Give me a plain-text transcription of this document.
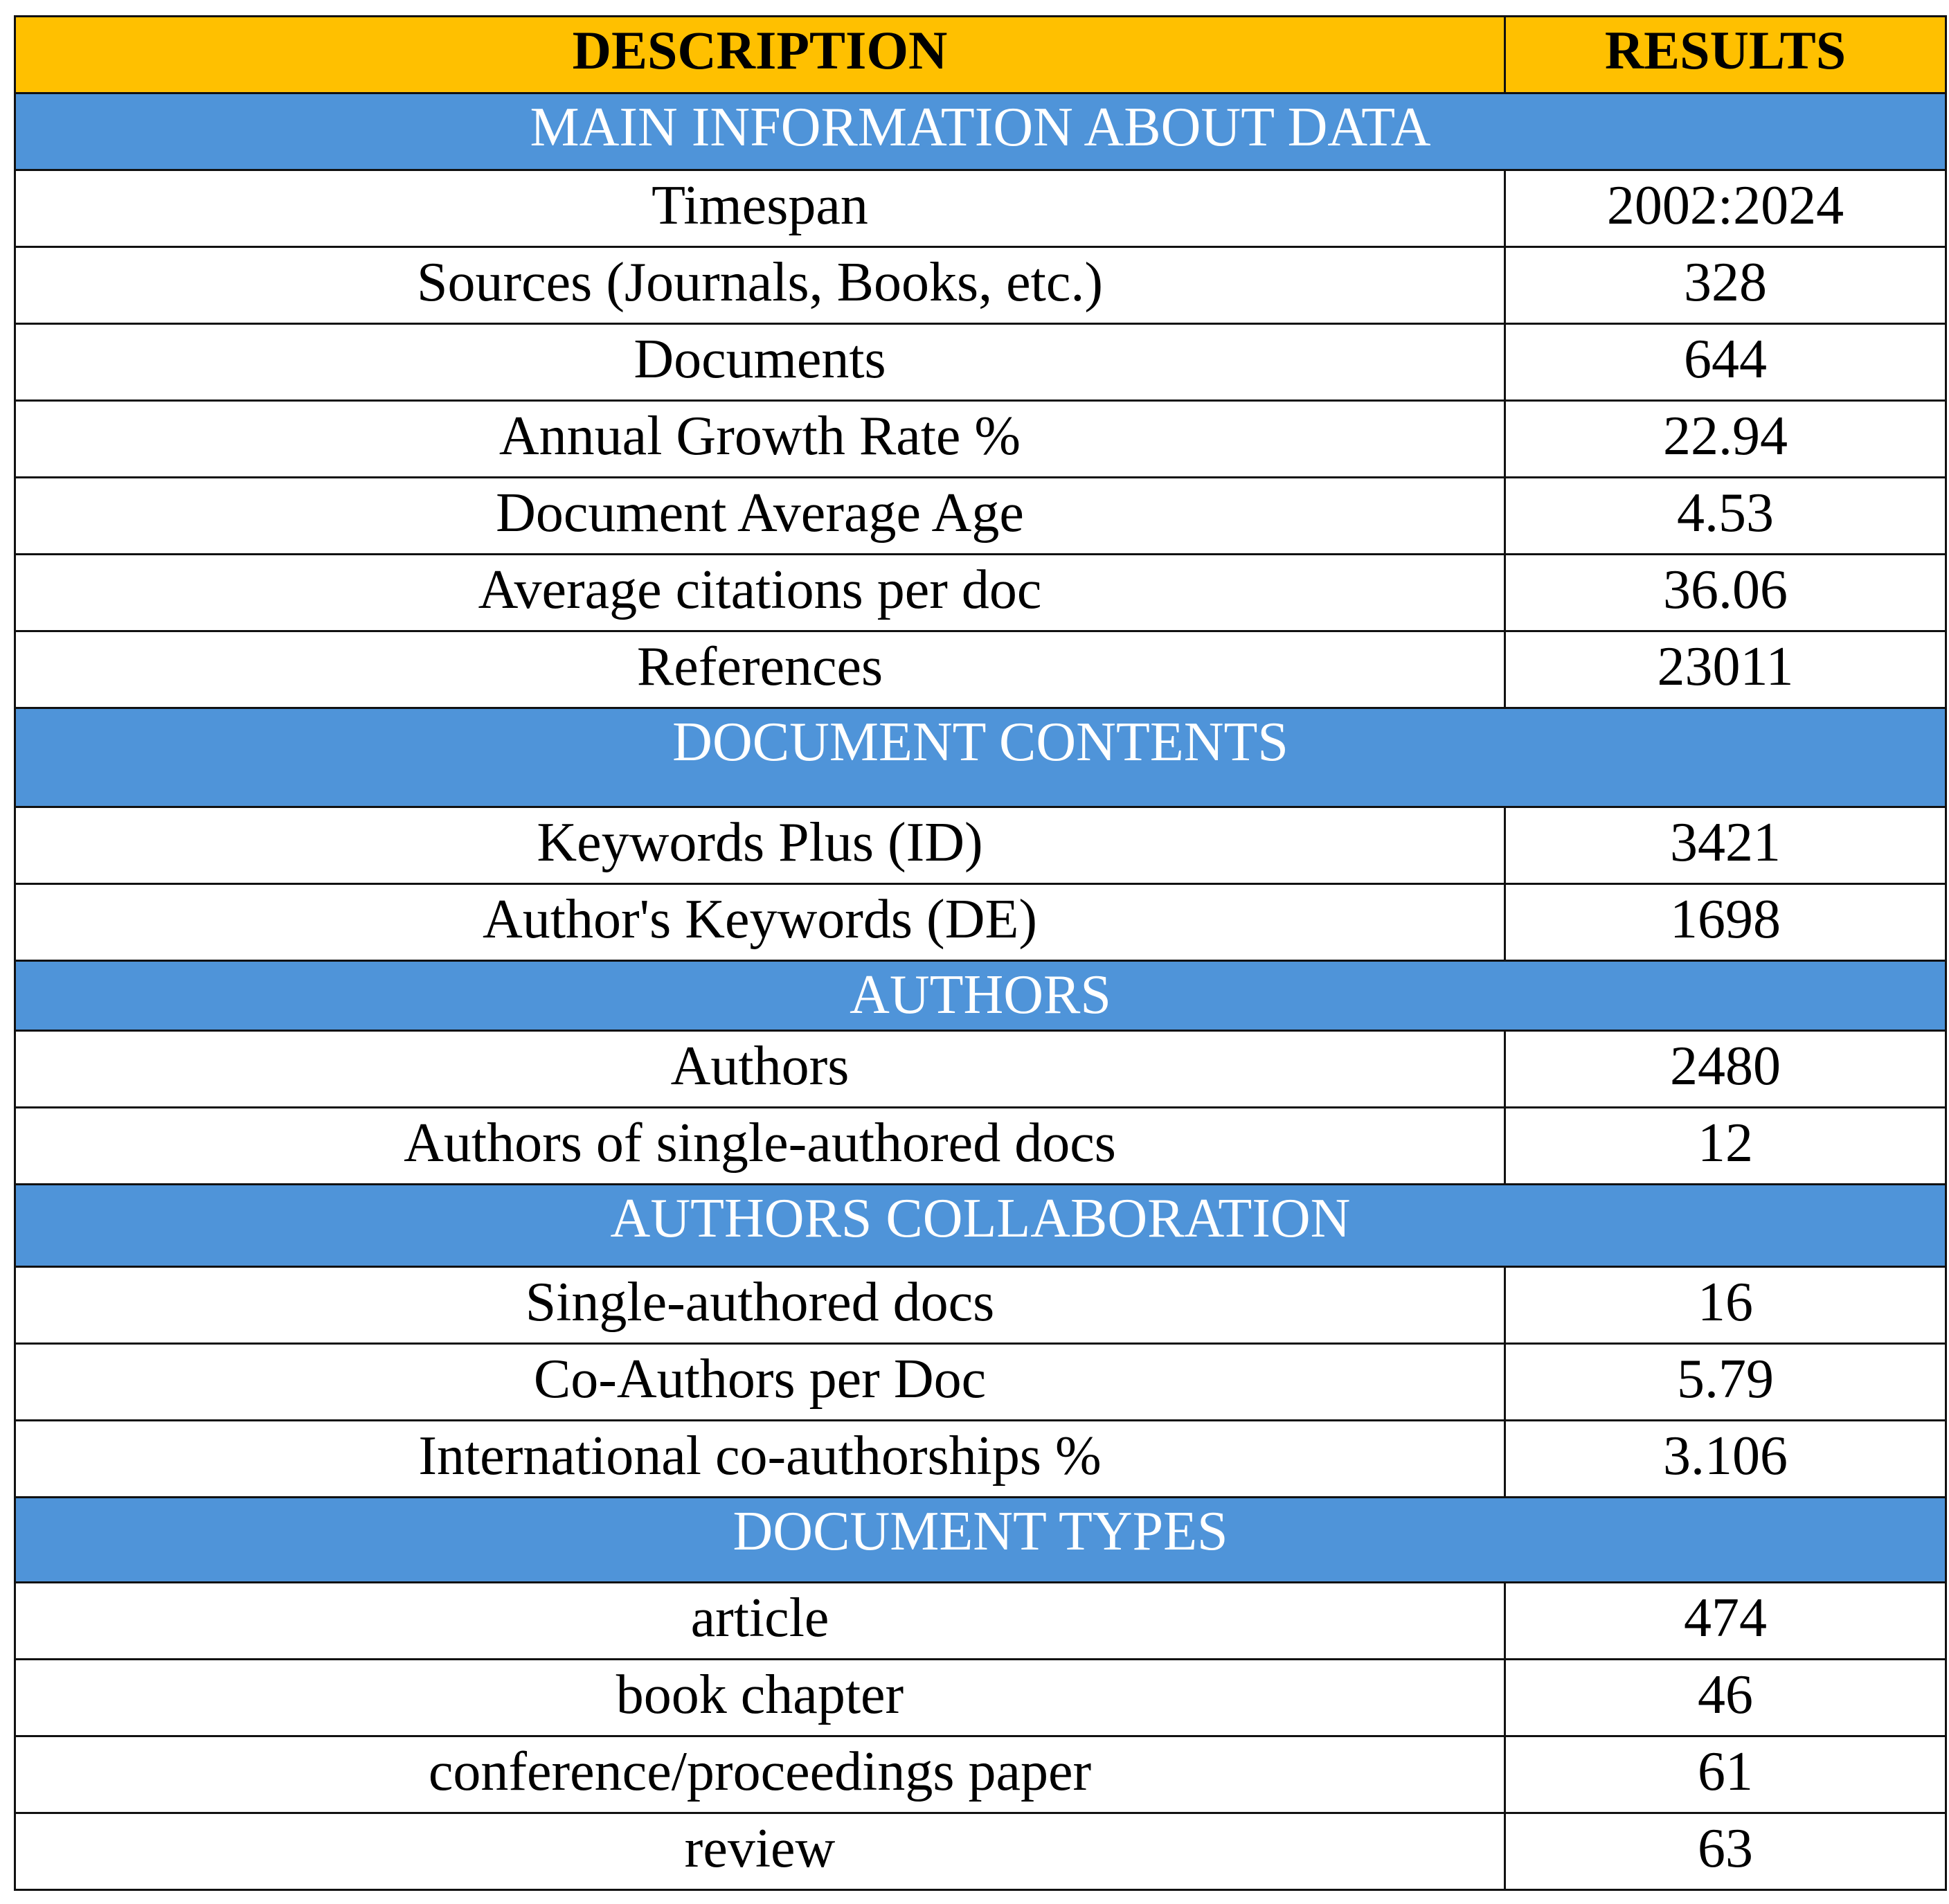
DESCRIPTION	RESULTS
MAIN INFORMATION ABOUT DATA	
Timespan	2002:2024
Sources (Journals, Books, etc.)	328
Documents	644
Annual Growth Rate %	22.94
Document Average Age	4.53
Average citations per doc	36.06
References	23011
DOCUMENT CONTENTS	
Keywords Plus (ID)	3421
Author's Keywords (DE)	1698
AUTHORS	
Authors	2480
Authors of single-authored docs	12
AUTHORS COLLABORATION	
Single-authored docs	16
Co-Authors per Doc	5.79
International co-authorships %	3.106
DOCUMENT TYPES	
article	474
book chapter	46
conference/proceedings paper	61
review	63
